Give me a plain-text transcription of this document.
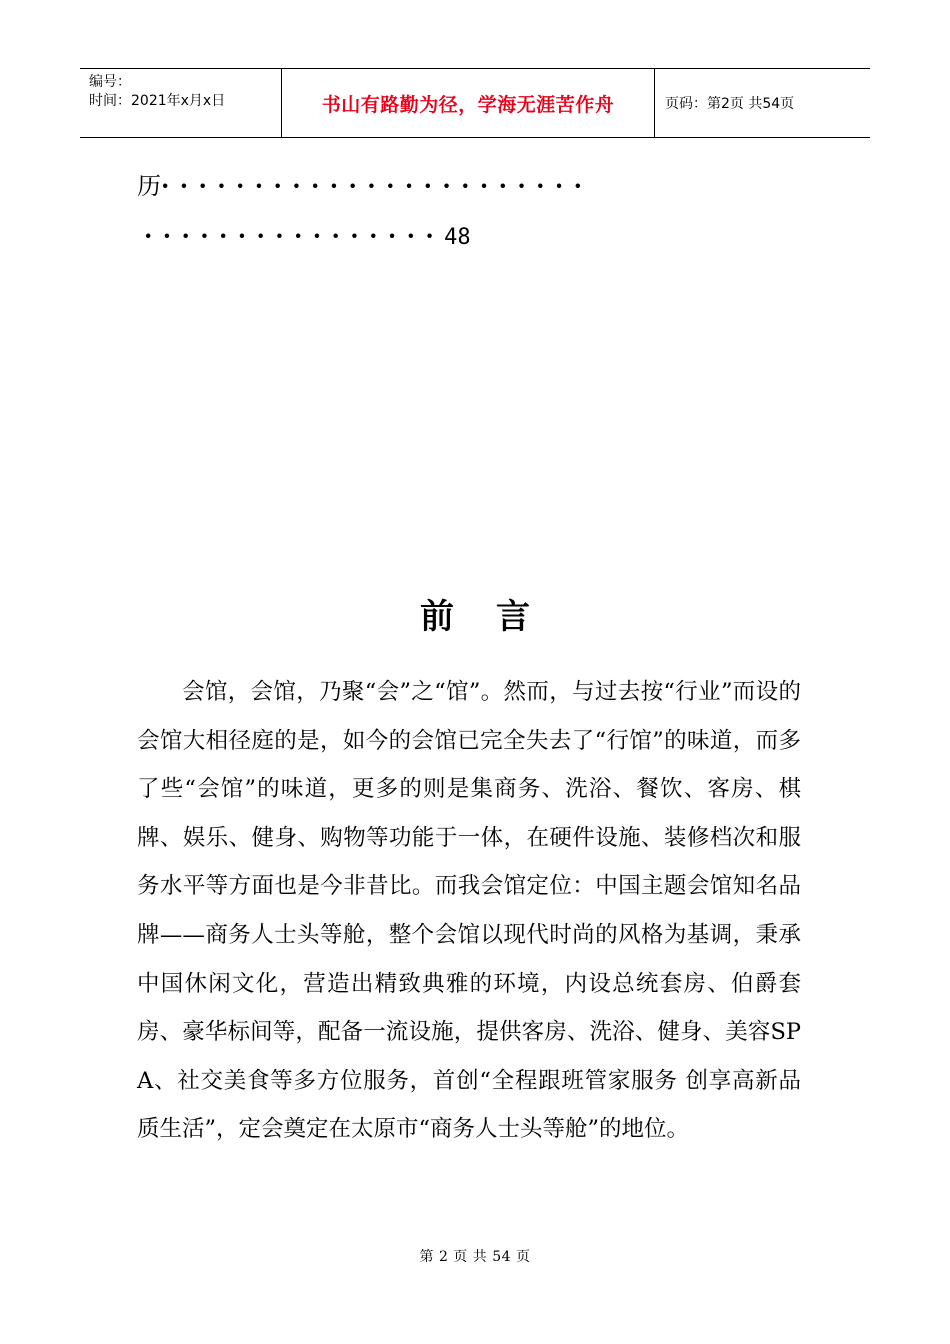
编号：
时间：2021年x月x日	书山有路勤为径，学海无涯苦作舟	页码：第2页 共54页
历·······················
················48
前言
会馆，会馆，乃聚“会”之“馆”。然而，与过去按“行业”而设的会馆大相径庭的是，如今的会馆已完全失去了“行馆”的味道，而多了些“会馆”的味道，更多的则是集商务、洗浴、餐饮、客房、棋牌、娱乐、健身、购物等功能于一体，在硬件设施、装修档次和服务水平等方面也是今非昔比。而我会馆定位：中国主题会馆知名品牌——商务人士头等舱，整个会馆以现代时尚的风格为基调，秉承中国休闲文化，营造出精致典雅的环境，内设总统套房、伯爵套房、豪华标间等，配备一流设施，提供客房、洗浴、健身、美容SPA、社交美食等多方位服务，首创“全程跟班管家服务 创享高新品质生活”，定会奠定在太原市“商务人士头等舱”的地位。
第 2 页 共 54 页
